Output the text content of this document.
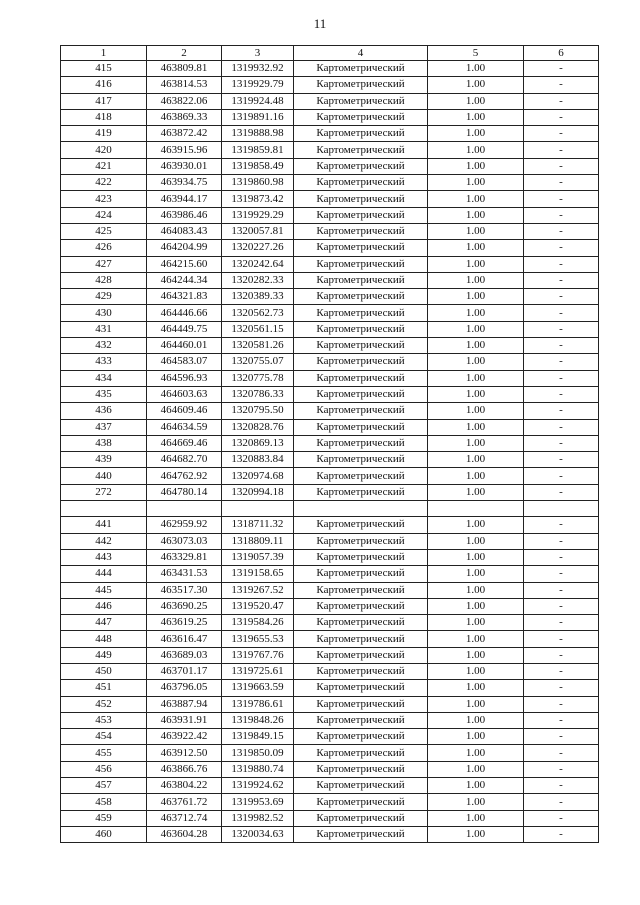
11
1	2	3	4	5	6
415	463809.81	1319932.92	Картометрический	1.00	-
416	463814.53	1319929.79	Картометрический	1.00	-
417	463822.06	1319924.48	Картометрический	1.00	-
418	463869.33	1319891.16	Картометрический	1.00	-
419	463872.42	1319888.98	Картометрический	1.00	-
420	463915.96	1319859.81	Картометрический	1.00	-
421	463930.01	1319858.49	Картометрический	1.00	-
422	463934.75	1319860.98	Картометрический	1.00	-
423	463944.17	1319873.42	Картометрический	1.00	-
424	463986.46	1319929.29	Картометрический	1.00	-
425	464083.43	1320057.81	Картометрический	1.00	-
426	464204.99	1320227.26	Картометрический	1.00	-
427	464215.60	1320242.64	Картометрический	1.00	-
428	464244.34	1320282.33	Картометрический	1.00	-
429	464321.83	1320389.33	Картометрический	1.00	-
430	464446.66	1320562.73	Картометрический	1.00	-
431	464449.75	1320561.15	Картометрический	1.00	-
432	464460.01	1320581.26	Картометрический	1.00	-
433	464583.07	1320755.07	Картометрический	1.00	-
434	464596.93	1320775.78	Картометрический	1.00	-
435	464603.63	1320786.33	Картометрический	1.00	-
436	464609.46	1320795.50	Картометрический	1.00	-
437	464634.59	1320828.76	Картометрический	1.00	-
438	464669.46	1320869.13	Картометрический	1.00	-
439	464682.70	1320883.84	Картометрический	1.00	-
440	464762.92	1320974.68	Картометрический	1.00	-
272	464780.14	1320994.18	Картометрический	1.00	-

441	462959.92	1318711.32	Картометрический	1.00	-
442	463073.03	1318809.11	Картометрический	1.00	-
443	463329.81	1319057.39	Картометрический	1.00	-
444	463431.53	1319158.65	Картометрический	1.00	-
445	463517.30	1319267.52	Картометрический	1.00	-
446	463690.25	1319520.47	Картометрический	1.00	-
447	463619.25	1319584.26	Картометрический	1.00	-
448	463616.47	1319655.53	Картометрический	1.00	-
449	463689.03	1319767.76	Картометрический	1.00	-
450	463701.17	1319725.61	Картометрический	1.00	-
451	463796.05	1319663.59	Картометрический	1.00	-
452	463887.94	1319786.61	Картометрический	1.00	-
453	463931.91	1319848.26	Картометрический	1.00	-
454	463922.42	1319849.15	Картометрический	1.00	-
455	463912.50	1319850.09	Картометрический	1.00	-
456	463866.76	1319880.74	Картометрический	1.00	-
457	463804.22	1319924.62	Картометрический	1.00	-
458	463761.72	1319953.69	Картометрический	1.00	-
459	463712.74	1319982.52	Картометрический	1.00	-
460	463604.28	1320034.63	Картометрический	1.00	-
